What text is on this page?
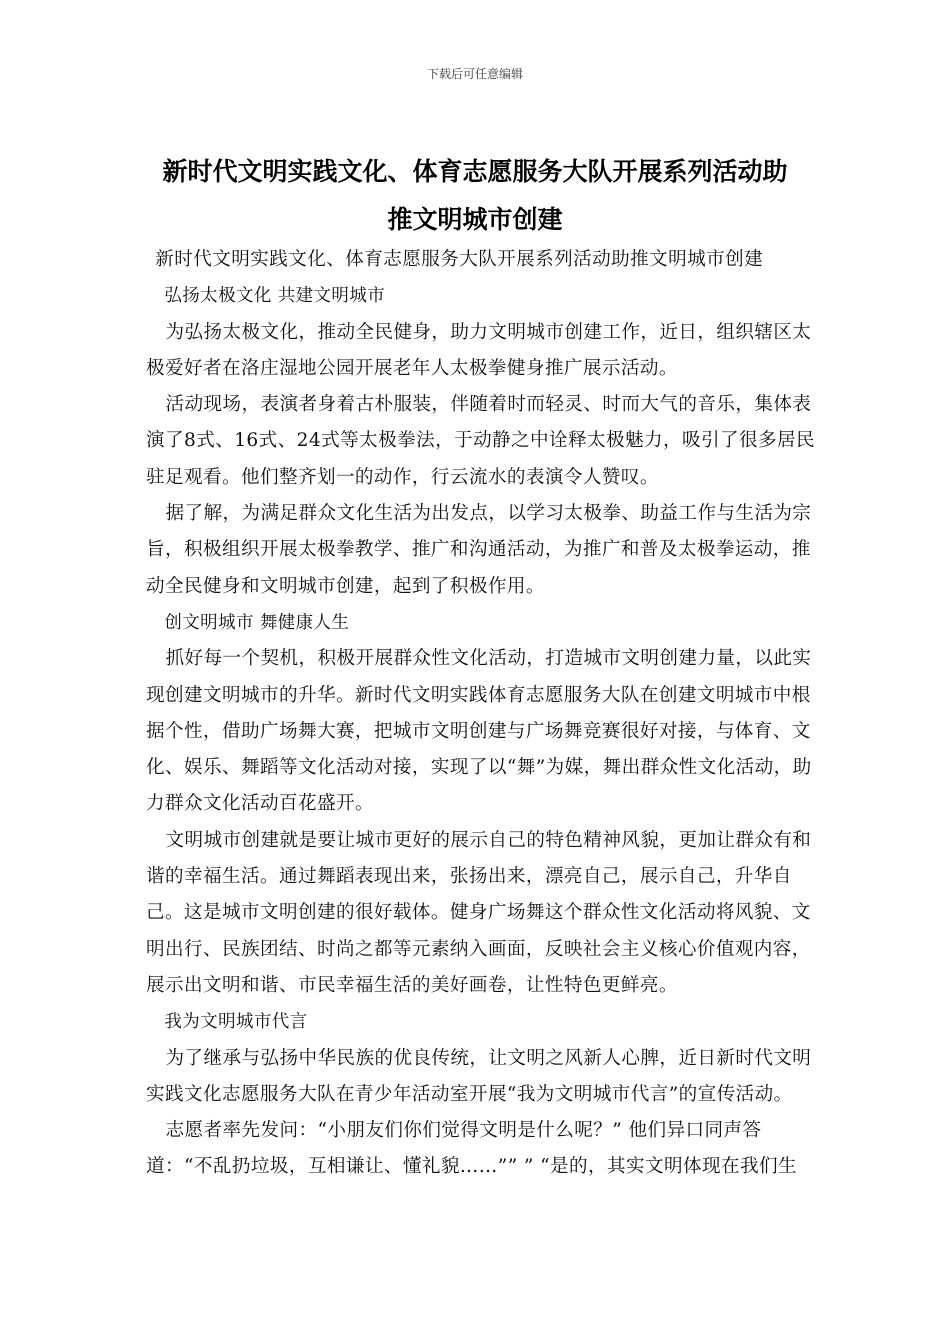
下载后可任意编辑
新时代文明实践文化、体育志愿服务大队开展系列活动助
推文明城市创建

新时代文明实践文化、体育志愿服务大队开展系列活动助推文明城市创建

弘扬太极文化 共建文明城市

为弘扬太极文化，推动全民健身，助力文明城市创建工作，近日，组织辖区太极爱好者在洛庄湿地公园开展老年人太极拳健身推广展示活动。

活动现场，表演者身着古朴服装，伴随着时而轻灵、时而大气的音乐，集体表演了8式、16式、24式等太极拳法，于动静之中诠释太极魅力，吸引了很多居民驻足观看。他们整齐划一的动作，行云流水的表演令人赞叹。

据了解，为满足群众文化生活为出发点，以学习太极拳、助益工作与生活为宗旨，积极组织开展太极拳教学、推广和沟通活动，为推广和普及太极拳运动，推动全民健身和文明城市创建，起到了积极作用。

创文明城市 舞健康人生

抓好每一个契机，积极开展群众性文化活动，打造城市文明创建力量，以此实现创建文明城市的升华。新时代文明实践体育志愿服务大队在创建文明城市中根据个性，借助广场舞大赛，把城市文明创建与广场舞竞赛很好对接，与体育、文化、娱乐、舞蹈等文化活动对接，实现了以“舞”为媒，舞出群众性文化活动，助力群众文化活动百花盛开。

文明城市创建就是要让城市更好的展示自己的特色精神风貌，更加让群众有和谐的幸福生活。通过舞蹈表现出来，张扬出来，漂亮自己，展示自己，升华自己。这是城市文明创建的很好载体。健身广场舞这个群众性文化活动将风貌、文明出行、民族团结、时尚之都等元素纳入画面，反映社会主义核心价值观内容，展示出文明和谐、市民幸福生活的美好画卷，让性特色更鲜亮。

我为文明城市代言

为了继承与弘扬中华民族的优良传统，让文明之风新人心脾，近日新时代文明实践文化志愿服务大队在青少年活动室开展“我为文明城市代言”的宣传活动。

志愿者率先发问：“小朋友们你们觉得文明是什么呢？” 他们异口同声答道：“不乱扔垃圾，互相谦让、懂礼貌……”” ” “是的，其实文明体现在我们生
